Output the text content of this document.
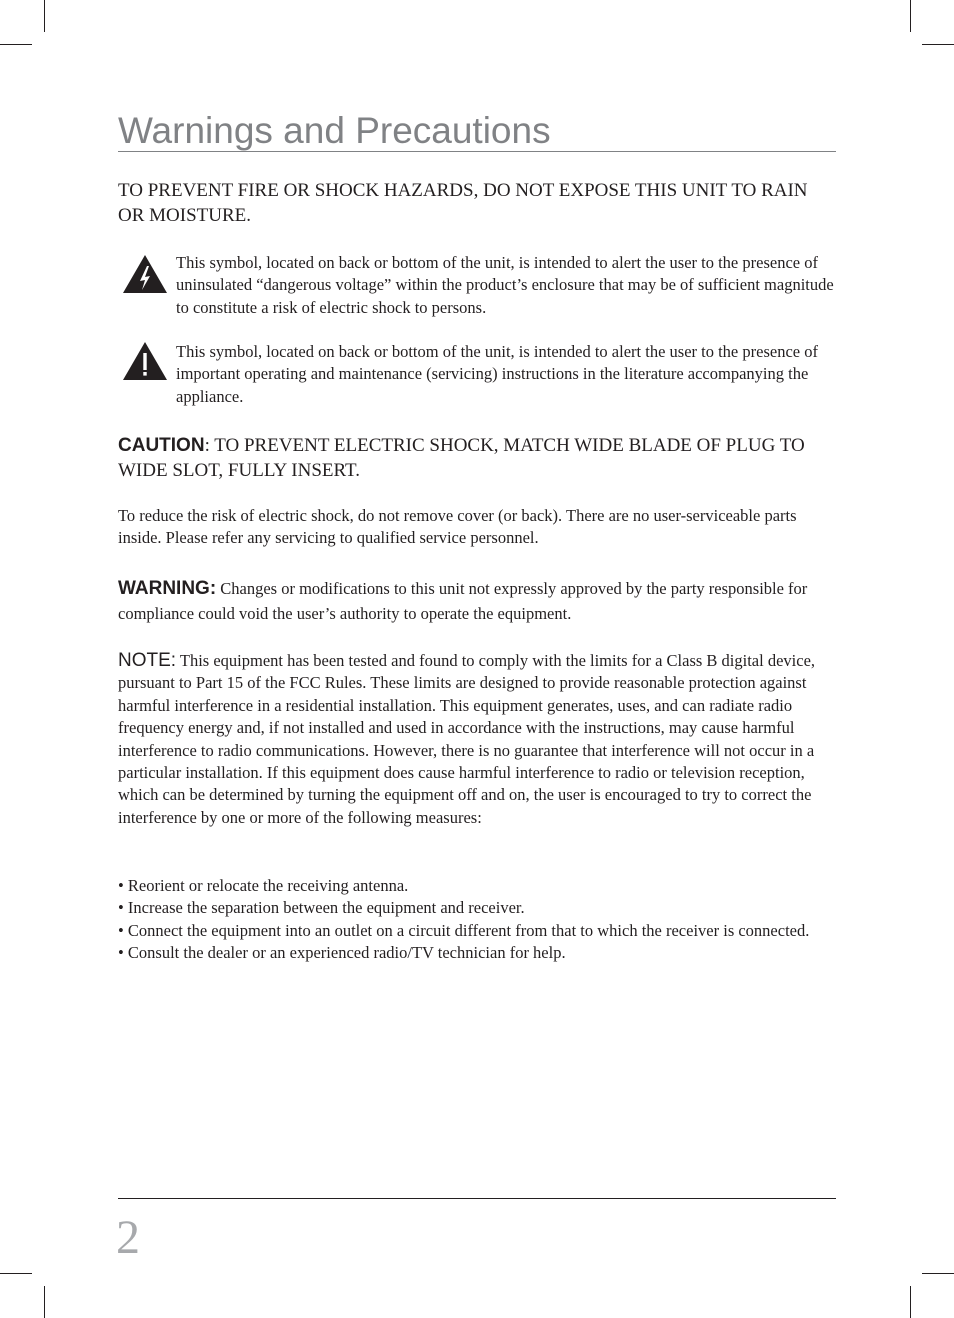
Warnings and Precautions
TO PREVENT FIRE OR SHOCK HAZARDS, DO NOT EXPOSE THIS UNIT TO RAIN OR MOISTURE.
This symbol, located on back or bottom of the unit, is intended to alert the user to the presence of uninsulated “dangerous voltage” within the product’s enclosure that may be of sufficient magnitude to constitute a risk of electric shock to persons.
This symbol, located on back or bottom of the unit, is intended to alert the user to the presence of important operating and maintenance (servicing) instructions in the literature accompanying the appliance.
CAUTION: TO PREVENT ELECTRIC SHOCK, MATCH WIDE BLADE OF PLUG TO WIDE SLOT, FULLY INSERT.
To reduce the risk of electric shock, do not remove cover (or back). There are no user-serviceable parts inside. Please refer any servicing to qualified service personnel.
WARNING: Changes or modifications to this unit not expressly approved by the party responsible for compliance could void the user’s authority to operate the equipment.
NOTE: This equipment has been tested and found to comply with the limits for a Class B digital device, pursuant to Part 15 of the FCC Rules. These limits are designed to provide reasonable protection against harmful interference in a residential installation. This equipment generates, uses, and can radiate radio frequency energy and, if not installed and used in accordance with the instructions, may cause harmful interference to radio communications. However, there is no guarantee that interference will not occur in a particular installation. If this equipment does cause harmful interference to radio or television reception, which can be determined by turning the equipment off and on, the user is encouraged to try to correct the interference by one or more of the following measures:
• Reorient or relocate the receiving antenna.
• Increase the separation between the equipment and receiver.
• Connect the equipment into an outlet on a circuit different from that to which the receiver is connected.
• Consult the dealer or an experienced radio/TV technician for help.
2
